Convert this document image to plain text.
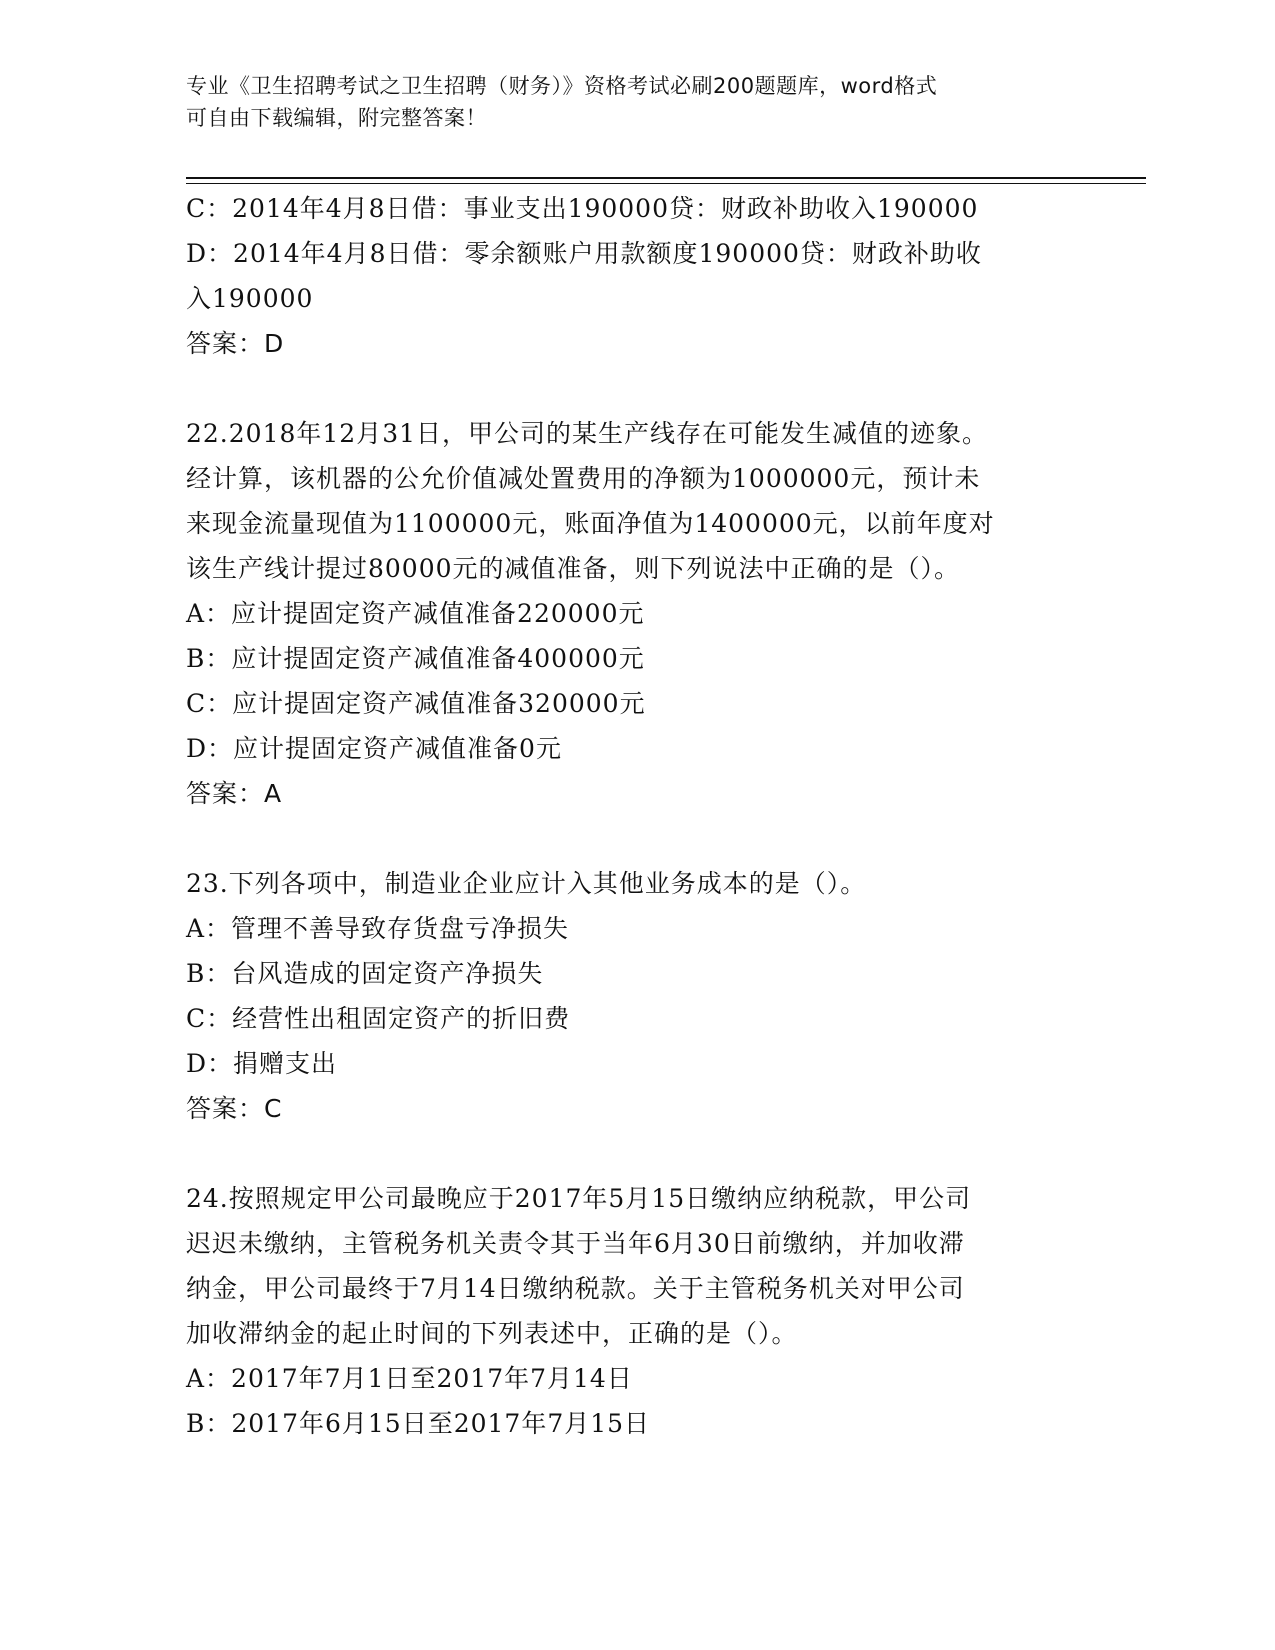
专业《卫生招聘考试之卫生招聘（财务）》资格考试必刷200题题库，word格式
可自由下载编辑，附完整答案！
C：2014年4月8日借：事业支出190000贷：财政补助收入190000
D：2014年4月8日借：零余额账户用款额度190000贷：财政补助收
入190000
答案：D
22.2018年12月31日，甲公司的某生产线存在可能发生减值的迹象。
经计算，该机器的公允价值减处置费用的净额为1000000元，预计未
来现金流量现值为1100000元，账面净值为1400000元，以前年度对
该生产线计提过80000元的减值准备，则下列说法中正确的是（）。
A：应计提固定资产减值准备220000元
B：应计提固定资产减值准备400000元
C：应计提固定资产减值准备320000元
D：应计提固定资产减值准备0元
答案：A
23.下列各项中，制造业企业应计入其他业务成本的是（）。
A：管理不善导致存货盘亏净损失
B：台风造成的固定资产净损失
C：经营性出租固定资产的折旧费
D：捐赠支出
答案：C
24.按照规定甲公司最晚应于2017年5月15日缴纳应纳税款，甲公司
迟迟未缴纳，主管税务机关责令其于当年6月30日前缴纳，并加收滞
纳金，甲公司最终于7月14日缴纳税款。关于主管税务机关对甲公司
加收滞纳金的起止时间的下列表述中，正确的是（）。
A：2017年7月1日至2017年7月14日
B：2017年6月15日至2017年7月15日
